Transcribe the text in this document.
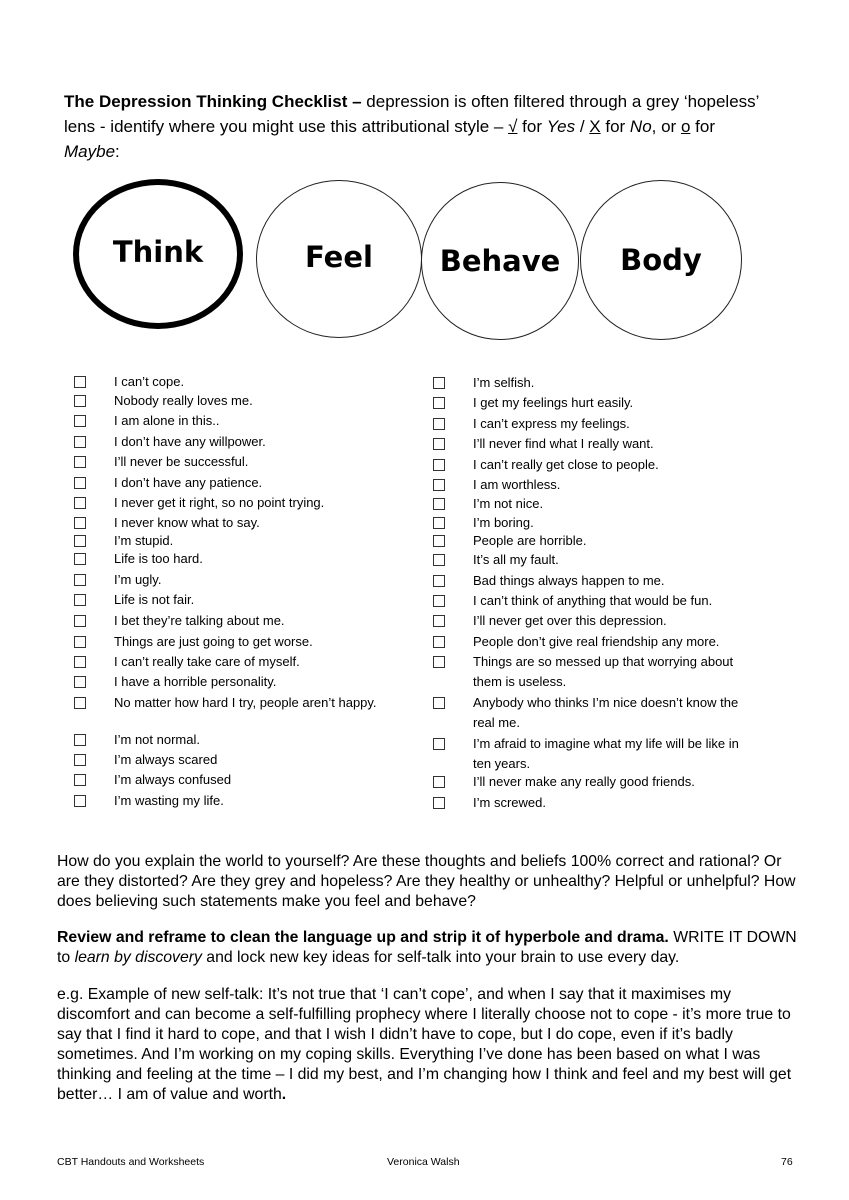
The Depression Thinking Checklist – depression is often filtered through a grey ‘hopeless’ lens - identify where you might use this attributional style – √ for Yes / X for No, or o for Maybe:
Think	Feel Behave Body
I can’t cope.
Nobody really loves me.
I am alone in this..
I don’t have any willpower.
I’ll never be successful.
I don’t have any patience.
I never get it right, so no point trying.
I never know what to say.
I’m stupid.
Life is too hard.
I’m ugly.
Life is not fair.
I bet they’re talking about me.
Things are just going to get worse.
I can’t really take care of myself.
I have a horrible personality.
No matter how hard I try, people aren’t happy.
I’m not normal.
I’m always scared
I’m always confused
I’m wasting my life.
I’m selfish.
I get my feelings hurt easily.
I can’t express my feelings.
I’ll never find what I really want.
I can’t really get close to people.
I am worthless.
I’m not nice.
I’m boring.
People are horrible.
It’s all my fault.
Bad things always happen to me.
I can’t think of anything that would be fun.
I’ll never get over this depression.
People don’t give real friendship any more.
Things are so messed up that worrying about them is useless.
Anybody who thinks I’m nice doesn’t know the real me.
I’m afraid to imagine what my life will be like in ten years.
I’ll never make any really good friends.
I’m screwed.
How do you explain the world to yourself? Are these thoughts and beliefs 100% correct and rational? Or are they distorted? Are they grey and hopeless? Are they healthy or unhealthy? Helpful or unhelpful? How does believing such statements make you feel and behave?
Review and reframe to clean the language up and strip it of hyperbole and drama. WRITE IT DOWN to learn by discovery and lock new key ideas for self-talk into your brain to use every day.
e.g. Example of new self-talk: It’s not true that ‘I can’t cope’, and when I say that it maximises my discomfort and can become a self-fulfilling prophecy where I literally choose not to cope - it’s more true to say that I find it hard to cope, and that I wish I didn’t have to cope, but I do cope, even if it’s badly sometimes. And I’m working on my coping skills. Everything I’ve done has been based on what I was thinking and feeling at the time – I did my best, and I’m changing how I think and feel and my best will get better… I am of value and worth.
CBT Handouts and Worksheets	Veronica Walsh	76
